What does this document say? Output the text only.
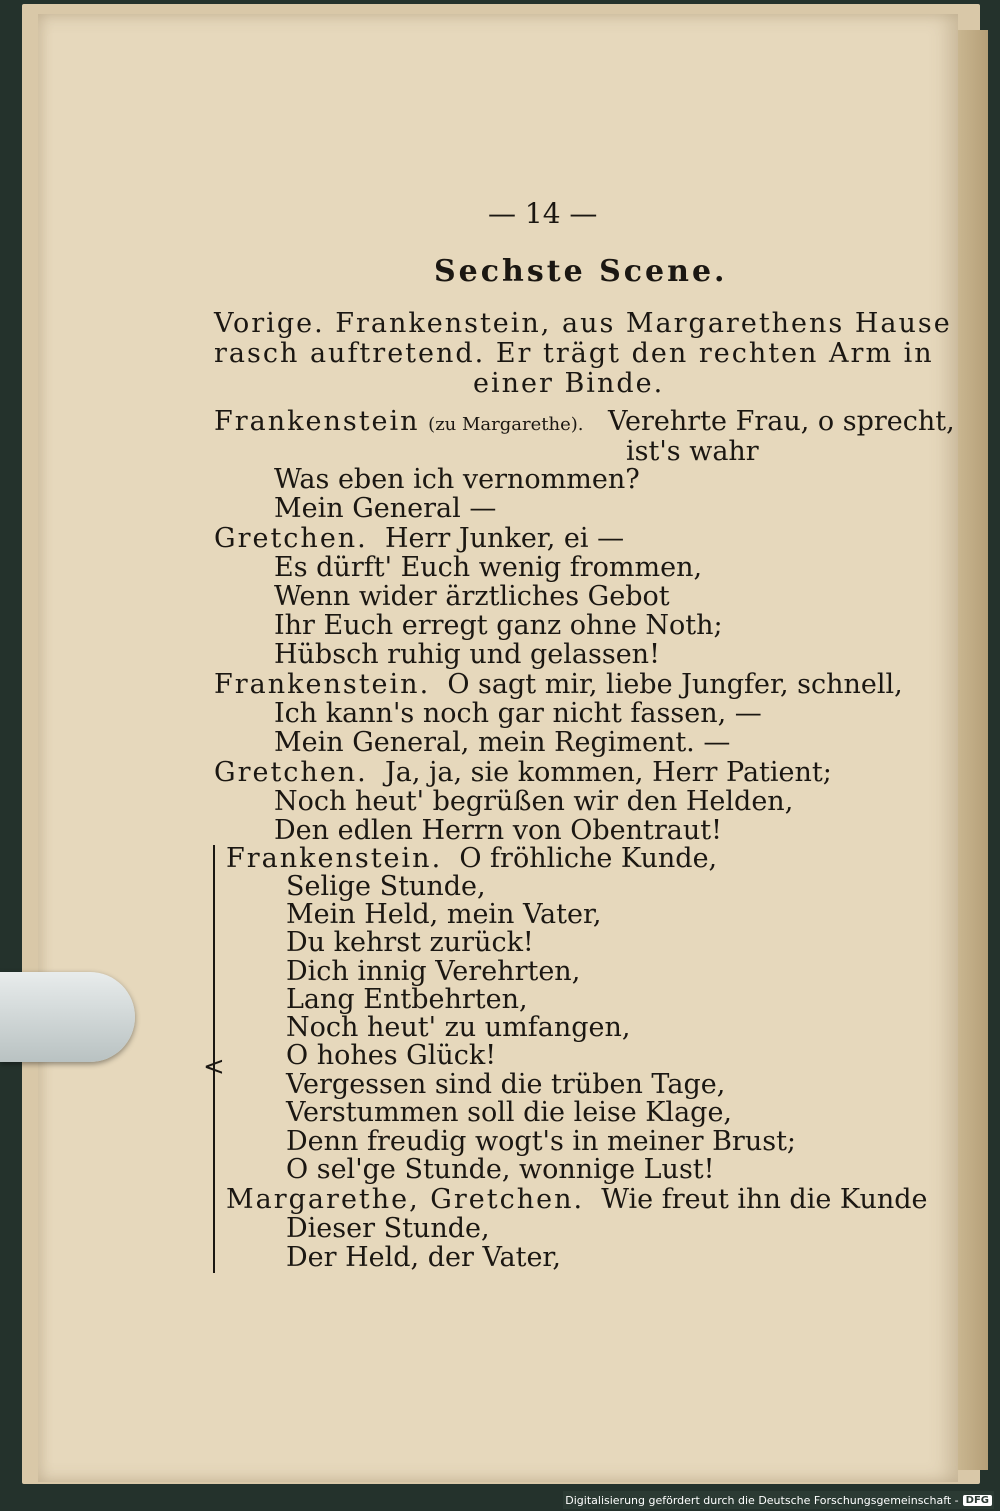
— 14 —
Sechste Scene.
Vorige. Frankenstein, aus Margarethens Hause
rasch auftretend. Er trägt den rechten Arm in
einer Binde.
Frankenstein (zu Margarethe). Verehrte Frau, o sprecht,
ist's wahr
Was eben ich vernommen?
Mein General —
Gretchen. Herr Junker, ei —
Es dürft' Euch wenig frommen,
Wenn wider ärztliches Gebot
Ihr Euch erregt ganz ohne Noth;
Hübsch ruhig und gelassen!
Frankenstein. O sagt mir, liebe Jungfer, schnell,
Ich kann's noch gar nicht fassen, —
Mein General, mein Regiment. —
Gretchen. Ja, ja, sie kommen, Herr Patient;
Noch heut' begrüßen wir den Helden,
Den edlen Herrn von Obentraut!
Frankenstein. O fröhliche Kunde,
Selige Stunde,
Mein Held, mein Vater,
Du kehrst zurück!
Dich innig Verehrten,
Lang Entbehrten,
Noch heut' zu umfangen,
O hohes Glück!
Vergessen sind die trüben Tage,
Verstummen soll die leise Klage,
Denn freudig wogt's in meiner Brust;
O sel'ge Stunde, wonnige Lust!
Margarethe, Gretchen. Wie freut ihn die Kunde
Dieser Stunde,
Der Held, der Vater,
<
Digitalisierung gefördert durch die Deutsche Forschungsgemeinschaft - DFG
